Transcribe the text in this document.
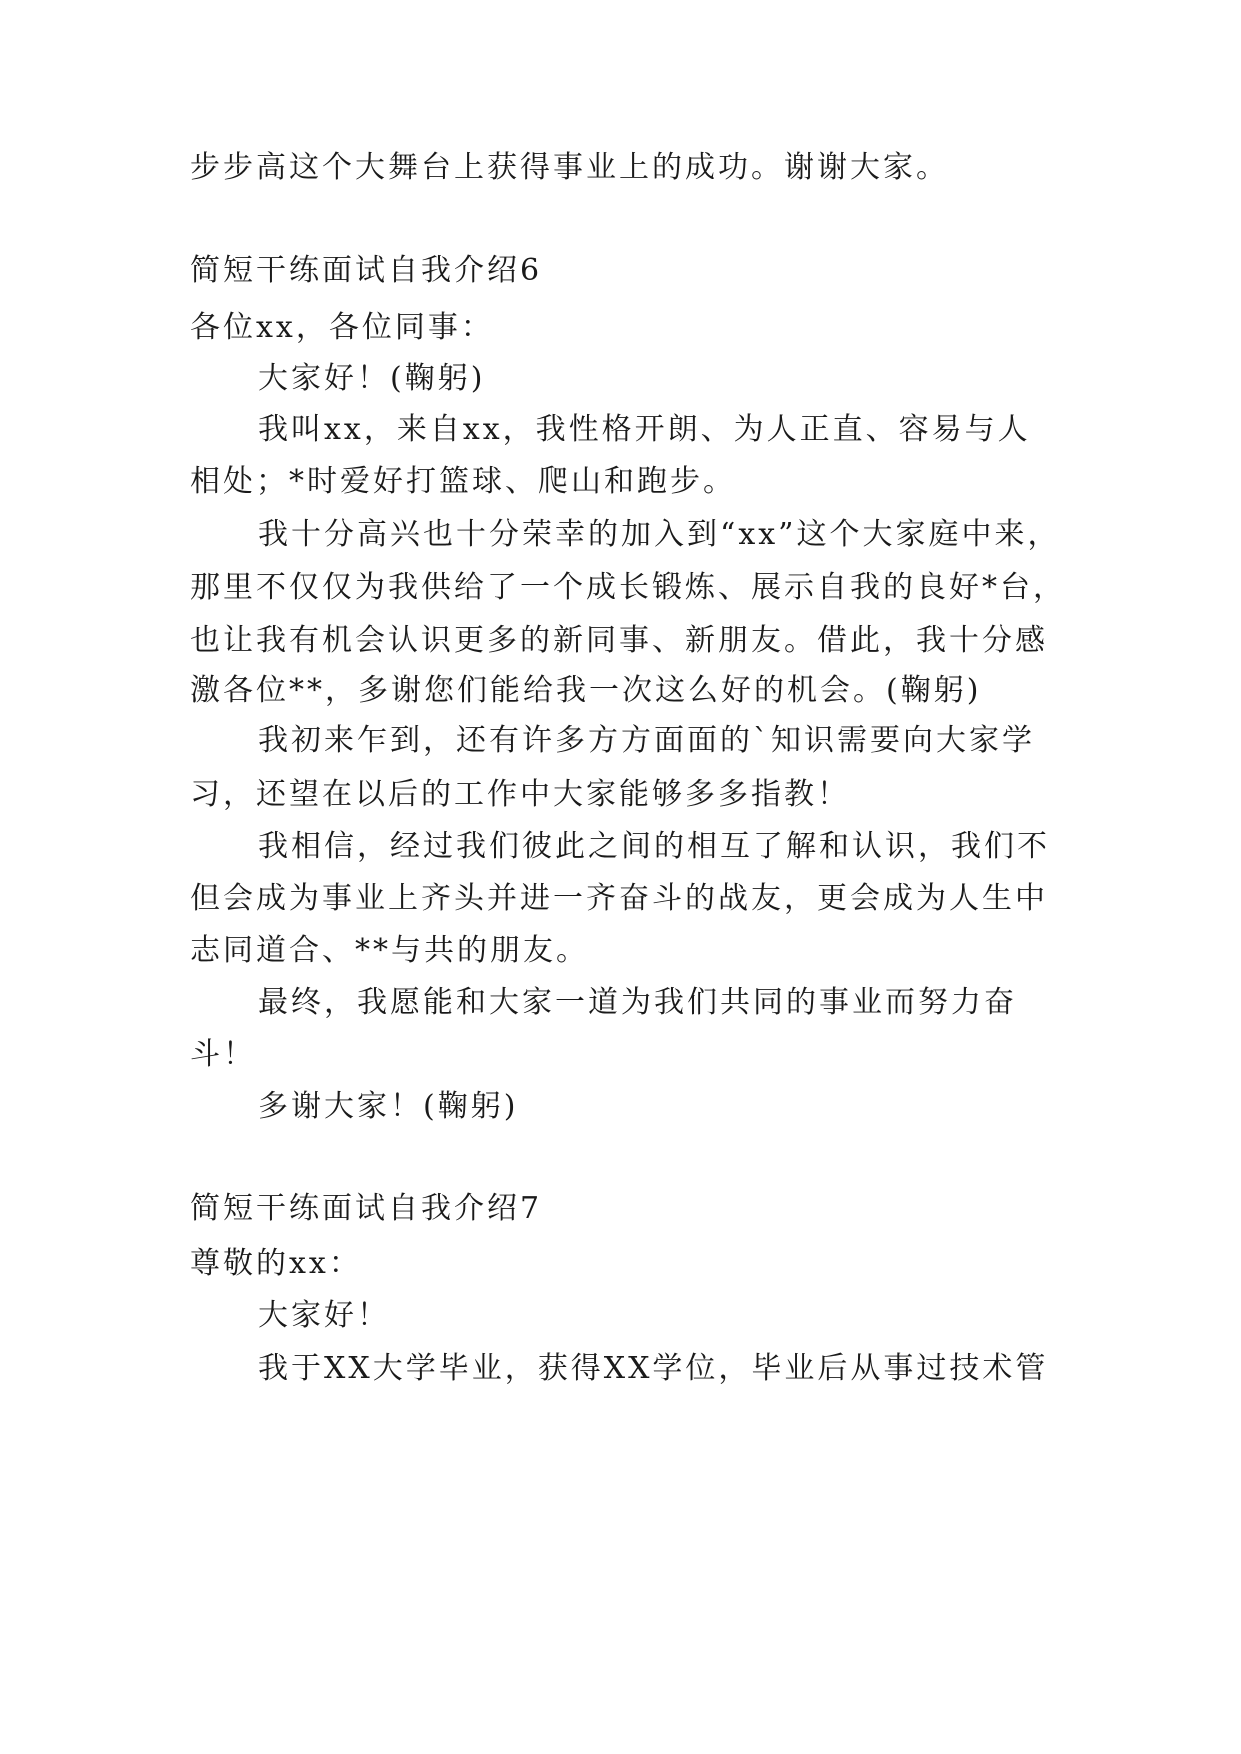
步步高这个大舞台上获得事业上的成功。谢谢大家。
简短干练面试自我介绍6
各位xx，各位同事：
大家好！(鞠躬)
我叫xx，来自xx，我性格开朗、为人正直、容易与人
相处；*时爱好打篮球、爬山和跑步。
我十分高兴也十分荣幸的加入到“xx”这个大家庭中来，
那里不仅仅为我供给了一个成长锻炼、展示自我的良好*台，
也让我有机会认识更多的新同事、新朋友。借此，我十分感
激各位**，多谢您们能给我一次这么好的机会。(鞠躬)
我初来乍到，还有许多方方面面的`知识需要向大家学
习，还望在以后的工作中大家能够多多指教！
我相信，经过我们彼此之间的相互了解和认识，我们不
但会成为事业上齐头并进一齐奋斗的战友，更会成为人生中
志同道合、**与共的朋友。
最终，我愿能和大家一道为我们共同的事业而努力奋
斗！
多谢大家！(鞠躬)
简短干练面试自我介绍7
尊敬的xx：
大家好！
我于XX大学毕业，获得XX学位，毕业后从事过技术管
